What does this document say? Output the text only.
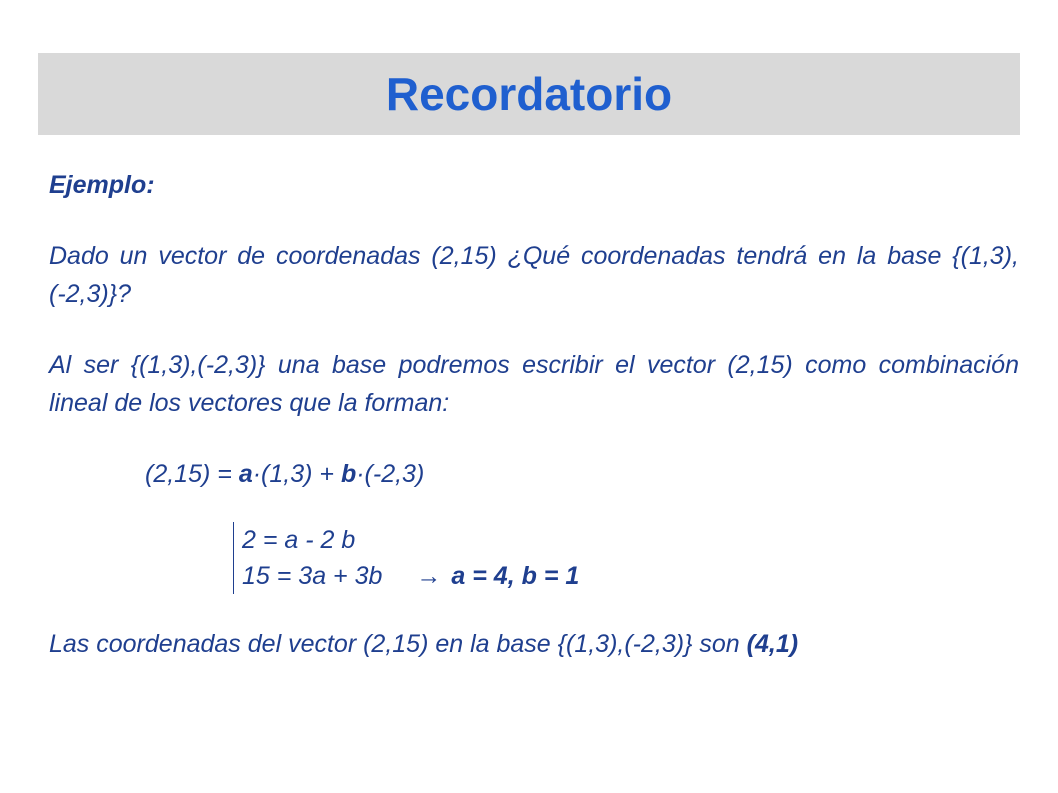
Recordatorio

Ejemplo:

Dado un vector de coordenadas (2,15) ¿Qué coordenadas tendrá en la base {(1,3),(-2,3)}?

Al ser {(1,3),(-2,3)} una base podremos escribir el vector (2,15) como combinación lineal de los vectores que la forman:

(2,15) = a·(1,3) + b·(-2,3)
2 = a - 2 b
15 = 3a + 3b → a = 4, b = 1

Las coordenadas del vector (2,15) en la base {(1,3),(-2,3)} son (4,1)
